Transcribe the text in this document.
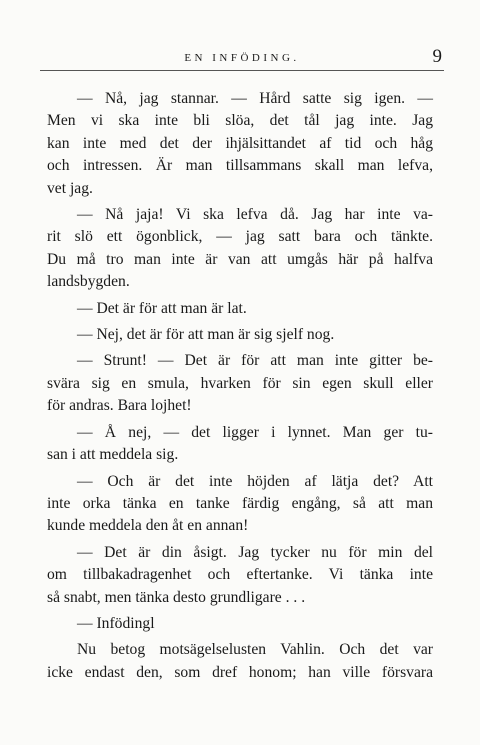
EN INFÖDING.	9
— Nå, jag stannar. — Hård satte sig igen. —
Men vi ska inte bli slöa, det tål jag inte. Jag
kan inte med det der ihjälsittandet af tid och håg
och intressen. Är man tillsammans skall man lefva,
vet jag.
— Nå jaja! Vi ska lefva då. Jag har inte va-
rit slö ett ögonblick, — jag satt bara och tänkte.
Du må tro man inte är van att umgås här på halfva
landsbygden.
— Det är för att man är lat.
— Nej, det är för att man är sig sjelf nog.
— Strunt! — Det är för att man inte gitter be-
svära sig en smula, hvarken för sin egen skull eller
för andras. Bara lojhet!
— Å nej, — det ligger i lynnet. Man ger tu-
san i att meddela sig.
— Och är det inte höjden af lätja det? Att
inte orka tänka en tanke färdig engång, så att man
kunde meddela den åt en annan!
— Det är din åsigt. Jag tycker nu för min del
om tillbakadragenhet och eftertanke. Vi tänka inte
så snabt, men tänka desto grundligare . . .
— Infödingl
Nu betog motsägelselusten Vahlin. Och det var
icke endast den, som dref honom; han ville försvara
